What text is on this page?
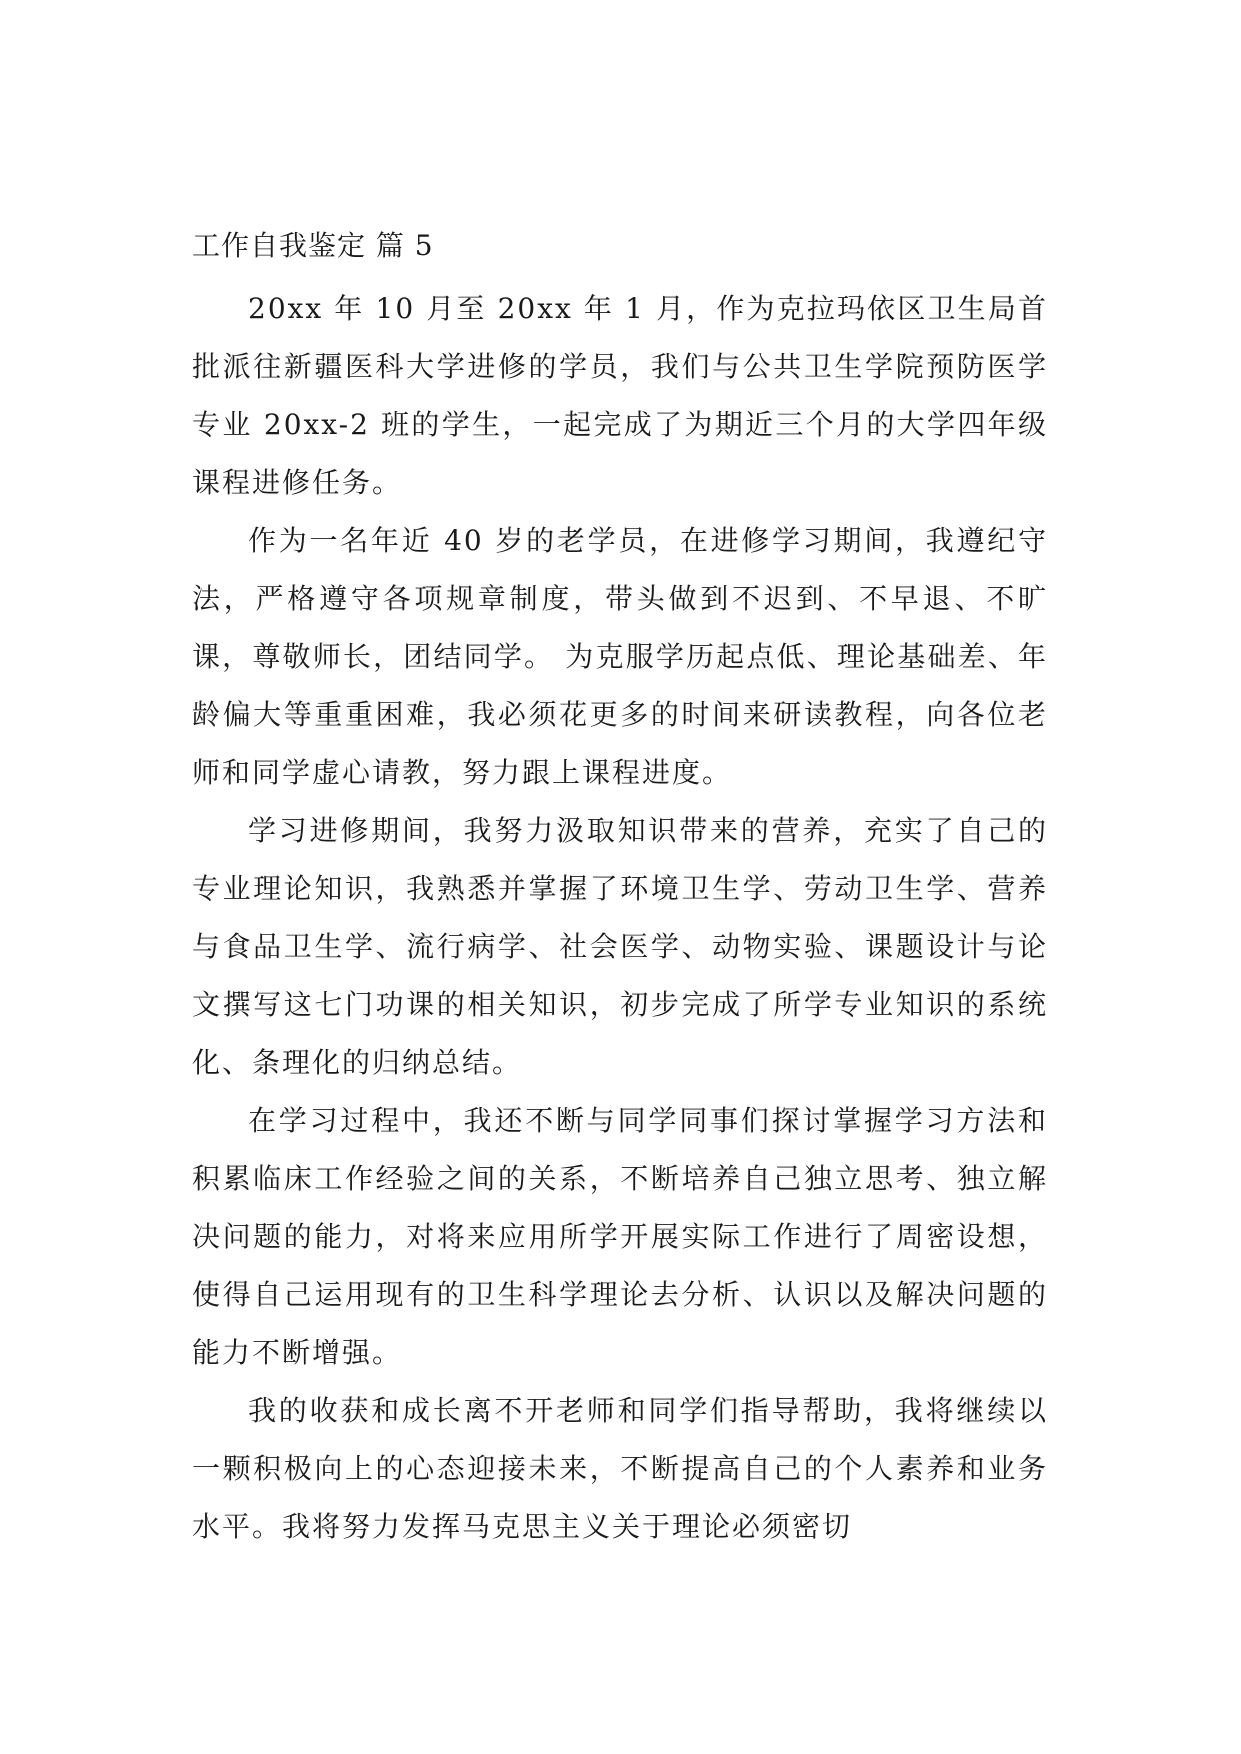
工作自我鉴定 篇 5

20xx 年 10 月至 20xx 年 1 月，作为克拉玛依区卫生局首批派往新疆医科大学进修的学员，我们与公共卫生学院预防医学专业 20xx-2 班的学生，一起完成了为期近三个月的大学四年级课程进修任务。

作为一名年近 40 岁的老学员，在进修学习期间，我遵纪守法，严格遵守各项规章制度，带头做到不迟到、不早退、不旷课，尊敬师长，团结同学。 为克服学历起点低、理论基础差、年龄偏大等重重困难，我必须花更多的时间来研读教程，向各位老师和同学虚心请教，努力跟上课程进度。

学习进修期间，我努力汲取知识带来的营养，充实了自己的专业理论知识，我熟悉并掌握了环境卫生学、劳动卫生学、营养与食品卫生学、流行病学、社会医学、动物实验、课题设计与论文撰写这七门功课的相关知识，初步完成了所学专业知识的系统化、条理化的归纳总结。

在学习过程中，我还不断与同学同事们探讨掌握学习方法和积累临床工作经验之间的关系，不断培养自己独立思考、独立解决问题的能力，对将来应用所学开展实际工作进行了周密设想，使得自己运用现有的卫生科学理论去分析、认识以及解决问题的能力不断增强。

我的收获和成长离不开老师和同学们指导帮助，我将继续以一颗积极向上的心态迎接未来，不断提高自己的个人素养和业务水平。我将努力发挥马克思主义关于理论必须密切
